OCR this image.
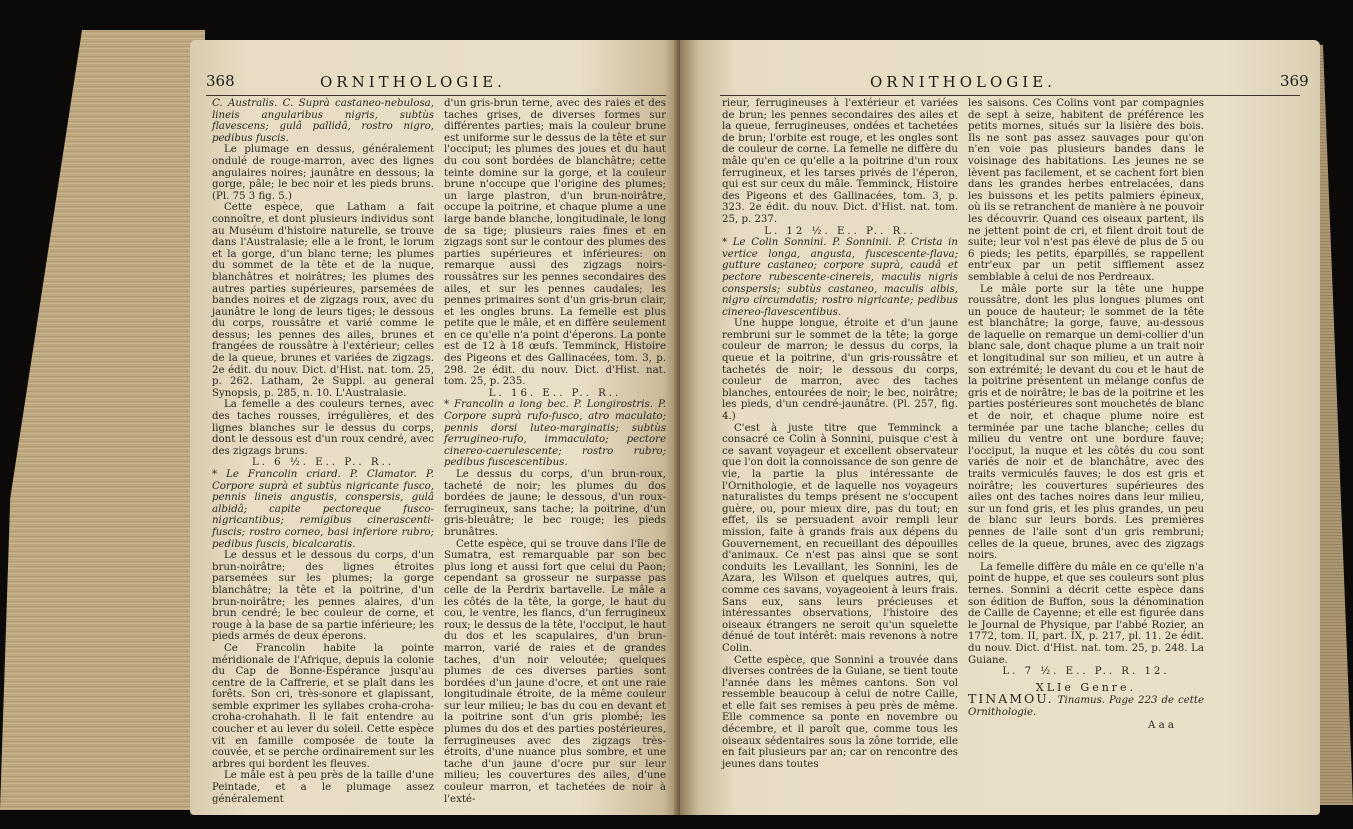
368	ORNITHOLOGIE.

C. Australis. C. Suprà castaneo-nebulosa, lineis angularibus nigris, subtùs flavescens; gulâ pallidâ, rostro nigro, pedibus fuscis.

Le plumage en dessus, généralement ondulé de rouge-marron, avec des lignes angulaires noires; jaunâtre en dessous; la gorge, pâle; le bec noir et les pieds bruns. (Pl. 75 3 fig. 5.)

Cette espèce, que Latham a fait connoître, et dont plusieurs individus sont au Muséum d'histoire naturelle, se trouve dans l'Australasie; elle a le front, le lorum et la gorge, d'un blanc terne; les plumes du sommet de la tête et de la nuque, blanchâtres et noirâtres; les plumes des autres parties supérieures, parsemées de bandes noires et de zigzags roux, avec du jaunâtre le long de leurs tiges; le dessous du corps, roussâtre et varié comme le dessus; les pennes des ailes, brunes et frangées de roussâtre à l'extérieur; celles de la queue, brunes et variées de zigzags. 2e édit. du nouv. Dict. d'Hist. nat. tom. 25, p. 262. Latham, 2e Suppl. au general Synopsis, p. 285, n. 10. L'Australasie.

La femelle a des couleurs ternes, avec des taches rousses, irrégulières, et des lignes blanches sur le dessus du corps, dont le dessous est d'un roux cendré, avec des zigzags bruns.

L. 6 ½. E.. P.. R..

* Le Francolin criard. P. Clamator. P. Corpore suprà et subtùs nigricante fusco, pennis lineis angustis, conspersis, gulâ albidâ; capite pectoreque fusco-nigricantibus; remigibus cinerascenti-fuscis; rostro corneo, basi inferiore rubro; pedibus fuscis, bicalcaratis.

Le dessus et le dessous du corps, d'un brun-noirâtre; des lignes étroites parsemées sur les plumes; la gorge blanchâtre; la tête et la poitrine, d'un brun-noirâtre; les pennes alaires, d'un brun cendré; le bec couleur de corne, et rouge à la base de sa partie inférieure; les pieds armés de deux éperons.

Ce Francolin habite la pointe méridionale de l'Afrique, depuis la colonie du Cap de Bonne-Espérance jusqu'au centre de la Caffrerie, et se plaît dans les forêts. Son cri, très-sonore et glapissant, semble exprimer les syllabes croha-croha-croha-crohahath. Il le fait entendre au coucher et au lever du soleil. Cette espèce vit en famille composée de toute la couvée, et se perche ordinairement sur les arbres qui bordent les fleuves.

Le mâle est à peu près de la taille d'une Peintade, et a le plumage assez généralement

d'un gris-brun terne, avec des raies et des taches grises, de diverses formes sur différentes parties; mais la couleur brune est uniforme sur le dessus de la tête et sur l'occiput; les plumes des joues et du haut du cou sont bordées de blanchâtre; cette teinte domine sur la gorge, et la couleur brune n'occupe que l'origine des plumes; un large plastron, d'un brun-noirâtre, occupe la poitrine, et chaque plume a une large bande blanche, longitudinale, le long de sa tige; plusieurs raies fines et en zigzags sont sur le contour des plumes des parties supérieures et inférieures: on remarque aussi des zigzags noirs-roussâtres sur les pennes secondaires des ailes, et sur les pennes caudales; les pennes primaires sont d'un gris-brun clair, et les ongles bruns. La femelle est plus petite que le mâle, et en diffère seulement en ce qu'elle n'a point d'éperons. La ponte est de 12 à 18 œufs. Temminck, Histoire des Pigeons et des Gallinacées, tom. 3, p. 298. 2e édit. du nouv. Dict. d'Hist. nat. tom. 25, p. 235.

L. 16. E.. P.. R..

* Francolin a long bec. P. Longirostris. P. Corpore suprà rufo-fusco, atro maculato; pennis dorsi luteo-marginatis; subtùs ferrugineo-rufo, immaculato; pectore cinereo-caerulescente; rostro rubro; pedibus fuscescentibus.

Le dessus du corps, d'un brun-roux, tacheté de noir; les plumes du dos bordées de jaune; le dessous, d'un roux-ferrugineux, sans tache; la poitrine, d'un gris-bleuâtre; le bec rouge; les pieds brunâtres.

Cette espèce, qui se trouve dans l'île de Sumatra, est remarquable par son bec plus long et aussi fort que celui du Paon; cependant sa grosseur ne surpasse pas celle de la Perdrix bartavelle. Le mâle a les côtés de la tête, la gorge, le haut du cou, le ventre, les flancs, d'un ferrugineux roux; le dessus de la tête, l'occiput, le haut du dos et les scapulaires, d'un brun-marron, varié de raies et de grandes taches, d'un noir veloutée; quelques plumes de ces diverses parties sont bordées d'un jaune d'ocre, et ont une raie longitudinale étroite, de la même couleur sur leur milieu; le bas du cou en devant et la poitrine sont d'un gris plombé; les plumes du dos et des parties postérieures, ferrugineuses avec des zigzags très-étroits, d'une nuance plus sombre, et une tache d'un jaune d'ocre pur sur leur milieu; les couvertures des ailes, d'une couleur marron, et tachetées de noir à l'exté-

ORNITHOLOGIE.	369

rieur, ferrugineuses à l'extérieur et variées de brun; les pennes secondaires des ailes et la queue, ferrugineuses, ondées et tachetées de brun; l'orbite est rouge, et les ongles sont de couleur de corne. La femelle ne diffère du mâle qu'en ce qu'elle a la poitrine d'un roux ferrugineux, et les tarses privés de l'éperon, qui est sur ceux du mâle. Temminck, Histoire des Pigeons et des Gallinacées, tom. 3, p. 323. 2e édit. du nouv. Dict. d'Hist. nat. tom. 25, p. 237.

L. 12 ½. E.. P.. R..

* Le Colin Sonnini. P. Sonninii. P. Crista in vertice longa, angusta, fuscescente-flava; gutture castaneo; corpore suprà, caudâ et pectore rubescente-cinereis, maculis nigris conspersis; subtùs castaneo, maculis albis, nigro circumdatis; rostro nigricante; pedibus cinereo-flavescentibus.

Une huppe longue, étroite et d'un jaune rembruni sur le sommet de la tête; la gorge couleur de marron; le dessus du corps, la queue et la poitrine, d'un gris-roussâtre et tachetés de noir; le dessous du corps, couleur de marron, avec des taches blanches, entourées de noir; le bec, noirâtre; les pieds, d'un cendré-jaunâtre. (Pl. 257, fig. 4.)

C'est à juste titre que Temminck a consacré ce Colin à Sonnini, puisque c'est à ce savant voyageur et excellent observateur que l'on doit la connoissance de son genre de vie, la partie la plus intéressante de l'Ornithologie, et de laquelle nos voyageurs naturalistes du temps présent ne s'occupent guère, ou, pour mieux dire, pas du tout; en effet, ils se persuadent avoir rempli leur mission, faite à grands frais aux dépens du Gouvernement, en recueillant des dépouilles d'animaux. Ce n'est pas ainsi que se sont conduits les Levaillant, les Sonnini, les de Azara, les Wilson et quelques autres, qui, comme ces savans, voyageoient à leurs frais. Sans eux, sans leurs précieuses et intéressantes observations, l'histoire des oiseaux étrangers ne seroit qu'un squelette dénué de tout intérêt: mais revenons à notre Colin.

Cette espèce, que Sonnini a trouvée dans diverses contrées de la Guiane, se tient toute l'année dans les mêmes cantons. Son vol ressemble beaucoup à celui de notre Caille, et elle fait ses remises à peu près de même. Elle commence sa ponte en novembre ou décembre, et il paroît que, comme tous les oiseaux sédentaires sous la zône torride, elle en fait plusieurs par an; car on rencontre des jeunes dans toutes

les saisons. Ces Colins vont par compagnies de sept à seize, habitent de préférence les petits mornes, situés sur la lisière des bois. Ils ne sont pas assez sauvages pour qu'on n'en voie pas plusieurs bandes dans le voisinage des habitations. Les jeunes ne se lèvent pas facilement, et se cachent fort bien dans les grandes herbes entrelacées, dans les buissons et les petits palmiers épineux, où ils se retranchent de manière à ne pouvoir les découvrir. Quand ces oiseaux partent, ils ne jettent point de cri, et filent droit tout de suite; leur vol n'est pas élevé de plus de 5 ou 6 pieds; les petits, éparpillés, se rappellent entr'eux par un petit sifflement assez semblable à celui de nos Perdreaux.

Le mâle porte sur la tête une huppe roussâtre, dont les plus longues plumes ont un pouce de hauteur; le sommet de la tête est blanchâtre; la gorge, fauve, au-dessous de laquelle on remarque un demi-collier d'un blanc sale, dont chaque plume a un trait noir et longitudinal sur son milieu, et un autre à son extrémité; le devant du cou et le haut de la poitrine présentent un mélange confus de gris et de noirâtre; le bas de la poitrine et les parties postérieures sont mouchetés de blanc et de noir, et chaque plume noire est terminée par une tache blanche; celles du milieu du ventre ont une bordure fauve; l'occiput, la nuque et les côtés du cou sont variés de noir et de blanchâtre, avec des traits vermiculés fauves; le dos est gris et noirâtre; les couvertures supérieures des ailes ont des taches noires dans leur milieu, sur un fond gris, et les plus grandes, un peu de blanc sur leurs bords. Les premières pennes de l'aile sont d'un gris rembruni; celles de la queue, brunes, avec des zigzags noirs.

La femelle diffère du mâle en ce qu'elle n'a point de huppe, et que ses couleurs sont plus ternes. Sonnini a décrit cette espèce dans son édition de Buffon, sous la dénomination de Caille de Cayenne; et elle est figurée dans le Journal de Physique, par l'abbé Rozier, an 1772, tom. II, part. IX, p. 217, pl. 11. 2e édit. du nouv. Dict. d'Hist. nat. tom. 25, p. 248. La Guiane.

L. 7 ½. E.. P.. R. 12.

XLIe Genre.

TINAMOU. Tinamus. Page 223 de cette Ornithologie.

A a a
